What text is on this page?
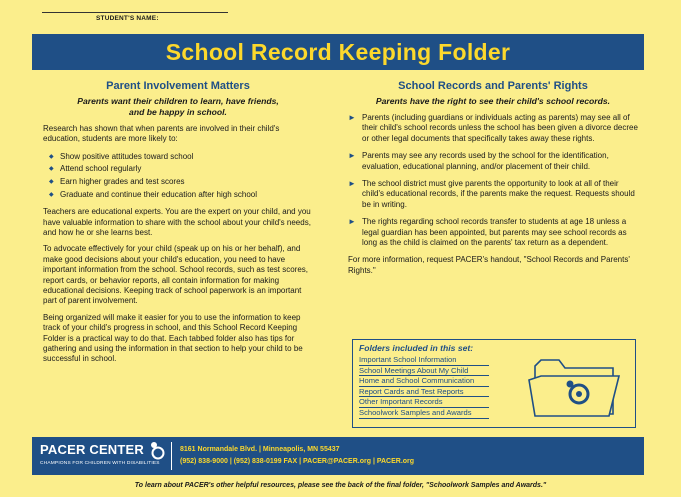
STUDENT'S NAME:
School Record Keeping Folder
Parent Involvement Matters
Parents want their children to learn, have friends,
and be happy in school.

Research has shown that when parents are involved in their child's education, students are more likely to:

◆ Show positive attitudes toward school
◆ Attend school regularly
◆ Earn higher grades and test scores
◆ Graduate and continue their education after high school

Teachers are educational experts. You are the expert on your child, and you have valuable information to share with the school about your child's needs, and how he or she learns best.

To advocate effectively for your child (speak up on his or her behalf), and make good decisions about your child's education, you need to have important information from the school. School records, such as test scores, report cards, or behavior reports, all contain information for making educational decisions. Keeping track of school paperwork is an important part of parent involvement.

Being organized will make it easier for you to use the information to keep track of your child's progress in school, and this School Record Keeping Folder is a practical way to do that. Each tabbed folder also has tips for gathering and using the information in that section to help your child to be successful in school.

School Records and Parents' Rights
Parents have the right to see their child's school records.
► Parents (including guardians or individuals acting as parents) may see all of their child's school records unless the school has been given a divorce decree or other legal documents that specifically takes away these rights.
► Parents may see any records used by the school for the identification, evaluation, educational planning, and/or placement of their child.
► The school district must give parents the opportunity to look at all of their child's educational records, if the parents make the request. Requests should be in writing.
► The rights regarding school records transfer to students at age 18 unless a legal guardian has been appointed, but parents may see school records as long as the child is claimed on the parents' tax return as a dependent.

For more information, request PACER's handout, "School Records and Parents' Rights."

Folders included in this set:
Important School Information
School Meetings About My Child
Home and School Communication
Report Cards and Test Reports
Other Important Records
Schoolwork Samples and Awards
PACER CENTER
CHAMPIONS FOR CHILDREN WITH DISABILITIES
8161 Normandale Blvd. | Minneapolis, MN 55437
(952) 838-9000 | (952) 838-0199 FAX | PACER@PACER.org | PACER.org
To learn about PACER's other helpful resources, please see the back of the final folder, "Schoolwork Samples and Awards."
